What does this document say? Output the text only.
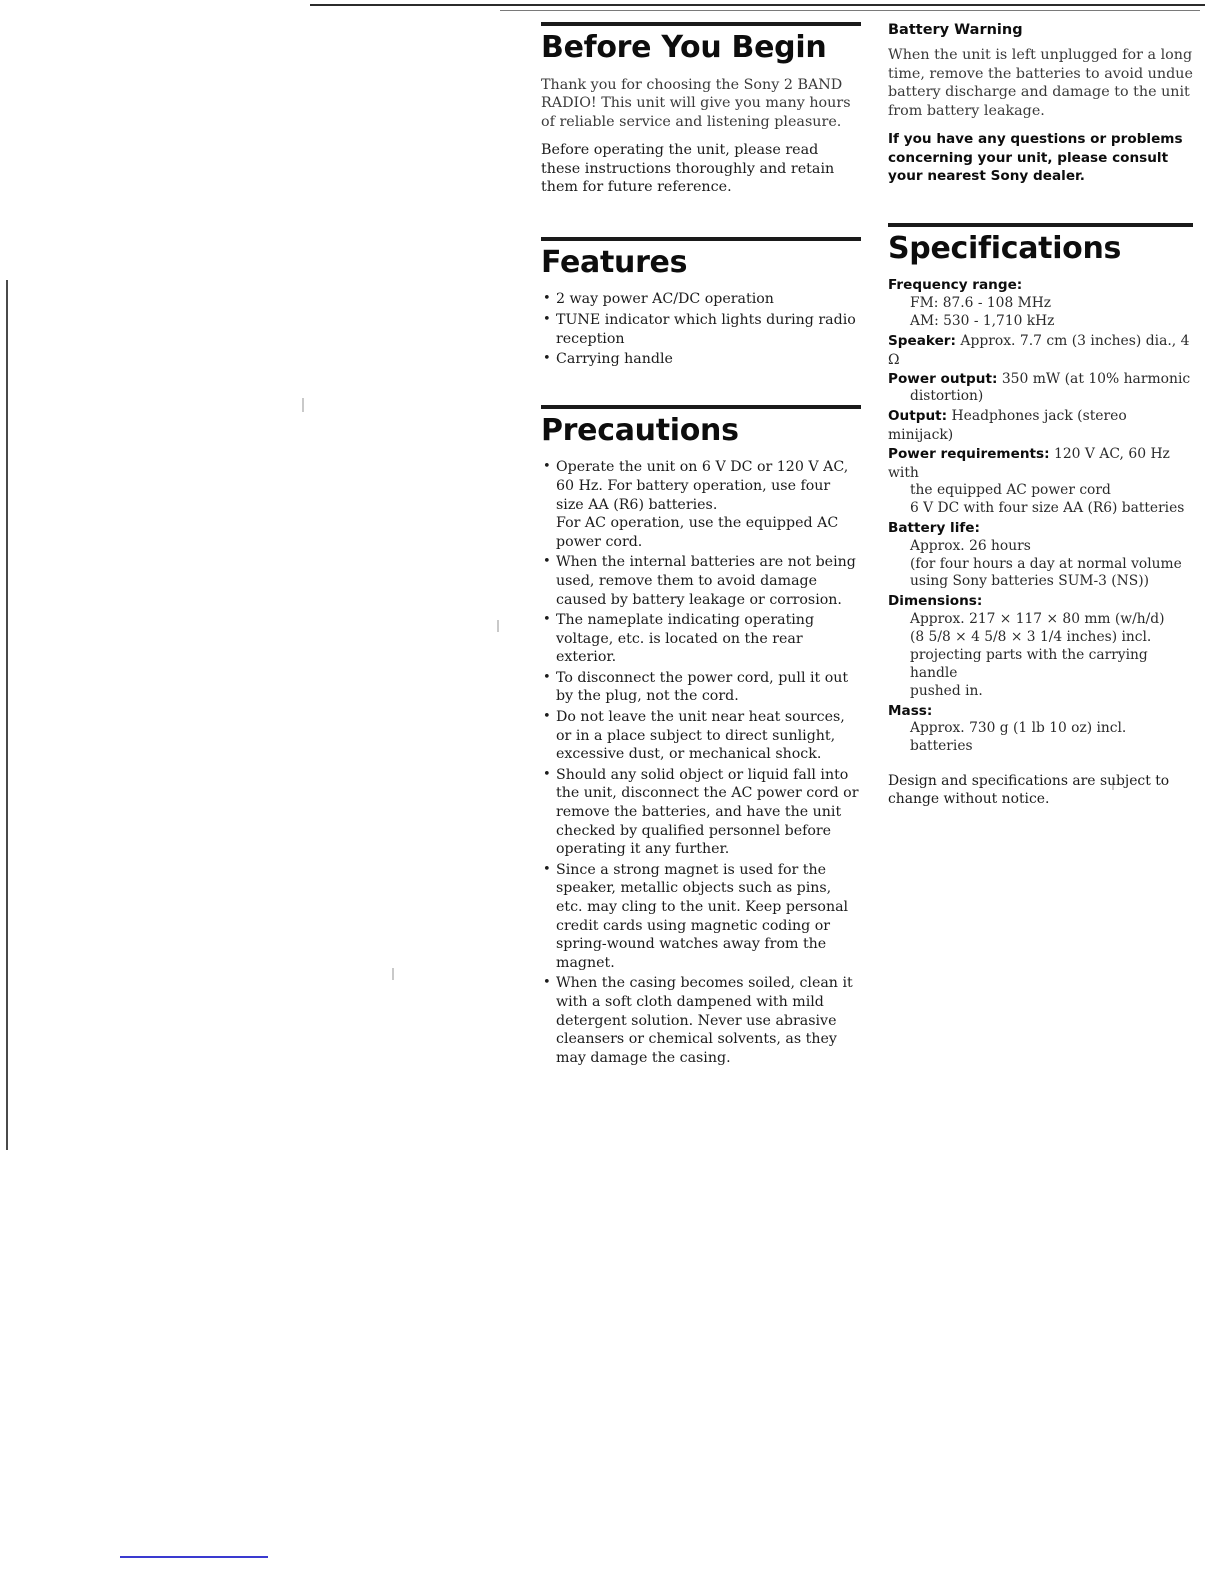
Before You Begin

Thank you for choosing the Sony 2 BAND RADIO! This unit will give you many hours of reliable service and listening pleasure.

Before operating the unit, please read these instructions thoroughly and retain them for future reference.

Features
• 2 way power AC/DC operation
• TUNE indicator which lights during radio reception
• Carrying handle
Precautions
• Operate the unit on 6 V DC or 120 V AC, 60 Hz. For battery operation, use four size AA (R6) batteries.
For AC operation, use the equipped AC power cord.
• When the internal batteries are not being used, remove them to avoid damage caused by battery leakage or corrosion.
• The nameplate indicating operating voltage, etc. is located on the rear exterior.
• To disconnect the power cord, pull it out by the plug, not the cord.
• Do not leave the unit near heat sources, or in a place subject to direct sunlight, excessive dust, or mechanical shock.
• Should any solid object or liquid fall into the unit, disconnect the AC power cord or remove the batteries, and have the unit checked by qualified personnel before operating it any further.
• Since a strong magnet is used for the speaker, metallic objects such as pins, etc. may cling to the unit. Keep personal credit cards using magnetic coding or spring-wound watches away from the magnet.
• When the casing becomes soiled, clean it with a soft cloth dampened with mild detergent solution. Never use abrasive cleansers or chemical solvents, as they may damage the casing.
Battery Warning

When the unit is left unplugged for a long time, remove the batteries to avoid undue battery discharge and damage to the unit from battery leakage.

If you have any questions or problems concerning your unit, please consult your nearest Sony dealer.

Specifications
Frequency range:
FM: 87.6 - 108 MHz
AM: 530 - 1,710 kHz
Speaker: Approx. 7.7 cm (3 inches) dia., 4 Ω
Power output: 350 mW (at 10% harmonic
distortion)
Output: Headphones jack (stereo minijack)
Power requirements: 120 V AC, 60 Hz with
the equipped AC power cord
6 V DC with four size AA (R6) batteries
Battery life:
Approx. 26 hours
(for four hours a day at normal volume
using Sony batteries SUM-3 (NS))
Dimensions:
Approx. 217 × 117 × 80 mm (w/h/d)
(8 5/8 × 4 5/8 × 3 1/4 inches) incl.
projecting parts with the carrying handle
pushed in.
Mass:
Approx. 730 g (1 lb 10 oz) incl. batteries

Design and specifications are subject to change without notice.
